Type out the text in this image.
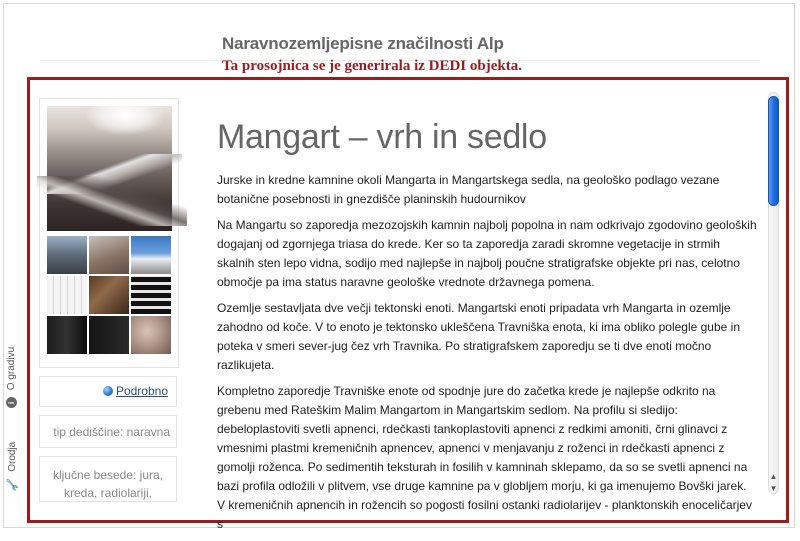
Naravnozemljepisne značilnosti Alp
Ta prosojnica se je generirala iz DEDI objekta.
Podrobno
tip dediščine: naravna
ključne besede: jura, kreda, radiolariji,
Mangart – vrh in sedlo

Jurske in kredne kamnine okoli Mangarta in Mangartskega sedla, na geološko podlago vezane botanične posebnosti in gnezdišče planinskih hudournikov

Na Mangartu so zaporedja mezozojskih kamnin najbolj popolna in nam odkrivajo zgodovino geoloških dogajanj od zgornjega triasa do krede. Ker so ta zaporedja zaradi skromne vegetacije in strmih skalnih sten lepo vidna, sodijo med najlepše in najbolj poučne stratigrafske objekte pri nas, celotno območje pa ima status naravne geološke vrednote državnega pomena.

Ozemlje sestavljata dve večji tektonski enoti. Mangartski enoti pripadata vrh Mangarta in ozemlje zahodno od koče. V to enoto je tektonsko ukleščena Travniška enota, ki ima obliko polegle gube in poteka v smeri sever-jug čez vrh Travnika. Po stratigrafskem zaporedju se ti dve enoti močno razlikujeta.

Kompletno zaporedje Travniške enote od spodnje jure do začetka krede je najlepše odkrito na grebenu med Rateškim Malim Mangartom in Mangartskim sedlom. Na profilu si sledijo: debeloplastoviti svetli apnenci, rdečkasti tankoplastoviti apnenci z redkimi amoniti, črni glinavci z vmesnimi plastmi kremeničnih apnencev, apnenci v menjavanju z roženci in rdečkasti apnenci z gomolji roženca. Po sedimentih teksturah in fosilih v kamninah sklepamo, da so se svetli apnenci na bazi profila odložili v plitvem, vse druge kamnine pa v globljem morju, ki ga imenujemo Bovški jarek. V kremeničnih apnencih in rožencih so pogosti fosilni ostanki radiolarijev - planktonskih enoceličarjev s

▲
▼
i O gradivu
🔧 Orodja
